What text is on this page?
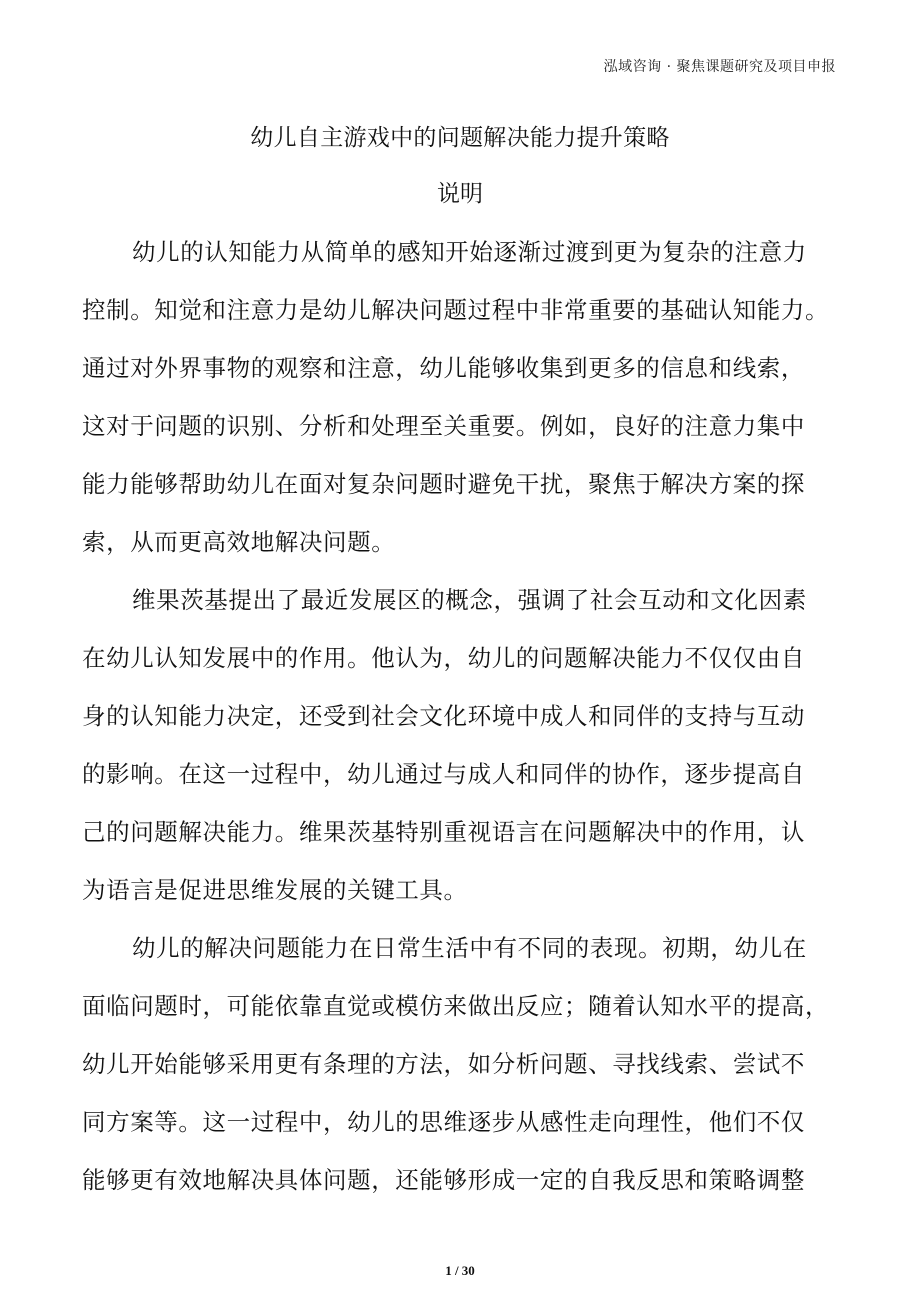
泓域咨询 · 聚焦课题研究及项目申报
幼儿自主游戏中的问题解决能力提升策略
说明
幼儿的认知能力从简单的感知开始逐渐过渡到更为复杂的注意力
控制。知觉和注意力是幼儿解决问题过程中非常重要的基础认知能力。
通过对外界事物的观察和注意，幼儿能够收集到更多的信息和线索，
这对于问题的识别、分析和处理至关重要。例如，良好的注意力集中
能力能够帮助幼儿在面对复杂问题时避免干扰，聚焦于解决方案的探
索，从而更高效地解决问题。
维果茨基提出了最近发展区的概念，强调了社会互动和文化因素
在幼儿认知发展中的作用。他认为，幼儿的问题解决能力不仅仅由自
身的认知能力决定，还受到社会文化环境中成人和同伴的支持与互动
的影响。在这一过程中，幼儿通过与成人和同伴的协作，逐步提高自
己的问题解决能力。维果茨基特别重视语言在问题解决中的作用，认
为语言是促进思维发展的关键工具。
幼儿的解决问题能力在日常生活中有不同的表现。初期，幼儿在
面临问题时，可能依靠直觉或模仿来做出反应；随着认知水平的提高，
幼儿开始能够采用更有条理的方法，如分析问题、寻找线索、尝试不
同方案等。这一过程中，幼儿的思维逐步从感性走向理性，他们不仅
能够更有效地解决具体问题，还能够形成一定的自我反思和策略调整
1 / 30
